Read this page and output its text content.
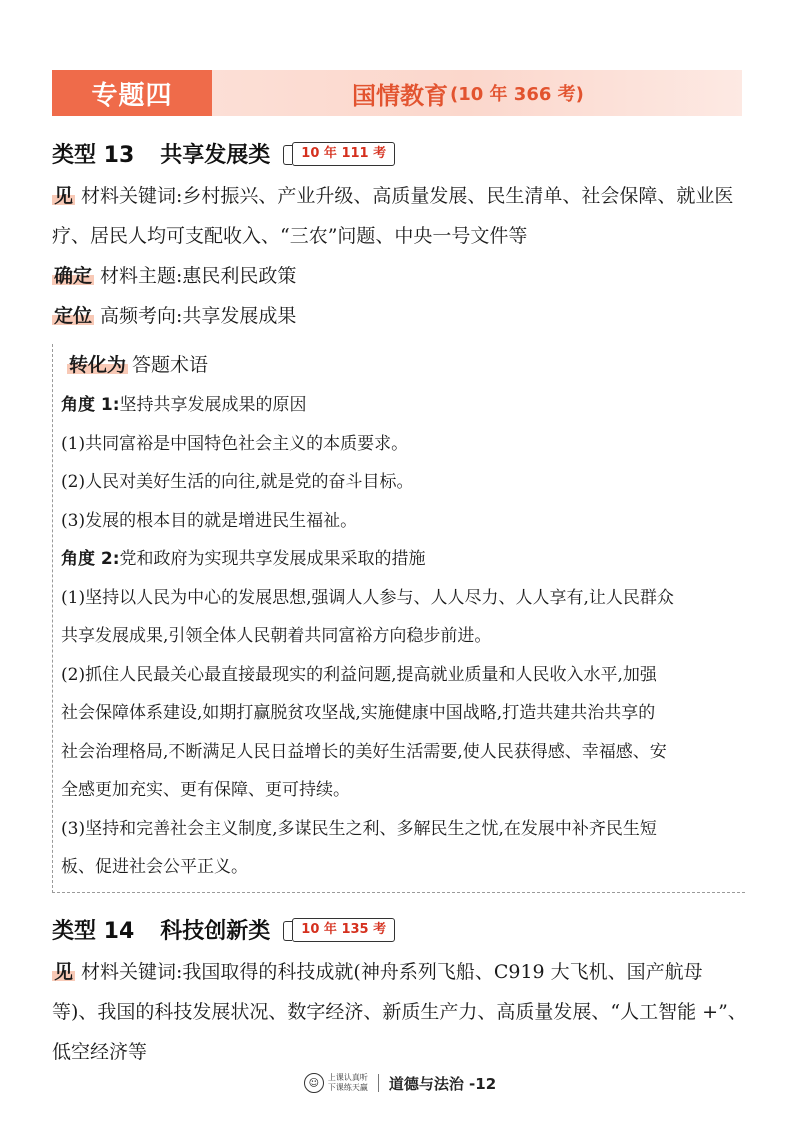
专题四	国情教育 (10 年 366 考)
类型 13 共享发展类	10 年 111 考
见 材料关键词:乡村振兴、产业升级、高质量发展、民生清单、社会保障、就业医
疗、居民人均可支配收入、“三农”问题、中央一号文件等
确定 材料主题:惠民利民政策
定位 高频考向:共享发展成果
转化为 答题术语

角度 1:坚持共享发展成果的原因

(1)共同富裕是中国特色社会主义的本质要求。

(2)人民对美好生活的向往,就是党的奋斗目标。

(3)发展的根本目的就是增进民生福祉。

角度 2:党和政府为实现共享发展成果采取的措施

(1)坚持以人民为中心的发展思想,强调人人参与、人人尽力、人人享有,让人民群众

共享发展成果,引领全体人民朝着共同富裕方向稳步前进。

(2)抓住人民最关心最直接最现实的利益问题,提高就业质量和人民收入水平,加强

社会保障体系建设,如期打赢脱贫攻坚战,实施健康中国战略,打造共建共治共享的

社会治理格局,不断满足人民日益增长的美好生活需要,使人民获得感、幸福感、安

全感更加充实、更有保障、更可持续。

(3)坚持和完善社会主义制度,多谋民生之利、多解民生之忧,在发展中补齐民生短

板、促进社会公平正义。

类型 14 科技创新类	10 年 135 考
见 材料关键词:我国取得的科技成就(神舟系列飞船、C919 大飞机、国产航母
等)、我国的科技发展状况、数字经济、新质生产力、高质量发展、“人工智能 +”、
低空经济等
☺	上课认真听
下课练天赢 道德与法治 -12
